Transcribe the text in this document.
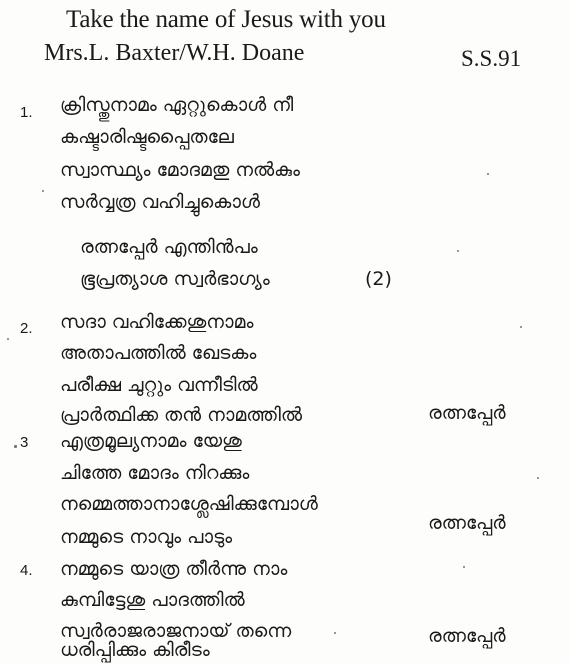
Take the name of Jesus with you
Mrs.L. Baxter/W.H. Doane	S.S.91
1. ക്രിസ്തുനാമം ഏറ്റുകൊൾ നീ
കഷ്ടാരിഷ്ടപ്പൈതലേ
സ്വാസ്ഥ്യം മോദമതു നൽകും
സർവ്വത്ര വഹിച്ചുകൊൾ
രത്നപ്പേർ എന്തിൻപം
ഭൂപ്രത്യാശ സ്വർഭാഗ്യം	(2)
2. സദാ വഹിക്കേശുനാമം
അതാപത്തിൽ ഖേടകം
പരീക്ഷ ചുറ്റും വന്നീടിൽ
പ്രാർത്ഥിക്ക തൻ നാമത്തിൽ	രത്നപ്പേർ
3 എത്രമൂല്യനാമം യേശു
ചിത്തേ മോദം നിറക്കും
നമ്മെത്താനാശ്ലേഷിക്കുമ്പോൾ
നമ്മുടെ നാവും പാടും
രത്നപ്പേർ
4. നമ്മുടെ യാത്ര തീർന്നു നാം
കുമ്പിട്ടേശു പാദത്തിൽ
സ്വർരാജരാജനായ് തന്നെ
ധരിപ്പിക്കും കിരീടം
രത്നപ്പേർ
